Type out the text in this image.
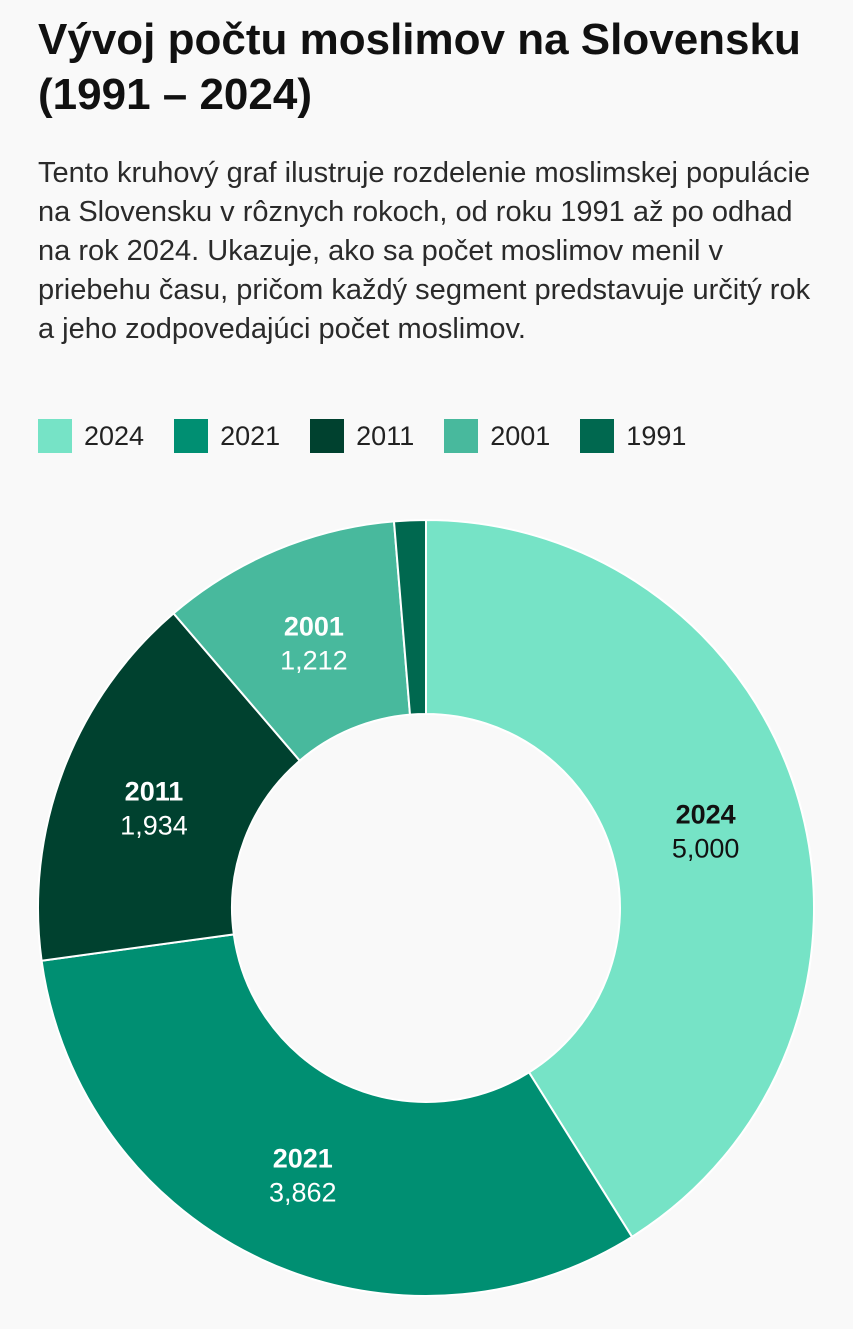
Vývoj počtu moslimov na Slovensku (1991 – 2024)

Tento kruhový graf ilustruje rozdelenie moslimskej populácie na Slovensku v rôznych rokoch, od roku 1991 až po odhad na rok 2024. Ukazuje, ako sa počet moslimov menil v priebehu času, pričom každý segment predstavuje určitý rok a jeho zodpovedajúci počet moslimov.

2024	2021	2011	2001	1991
2024
5,000
2021
3,862
2011
1,934
2001
1,212
